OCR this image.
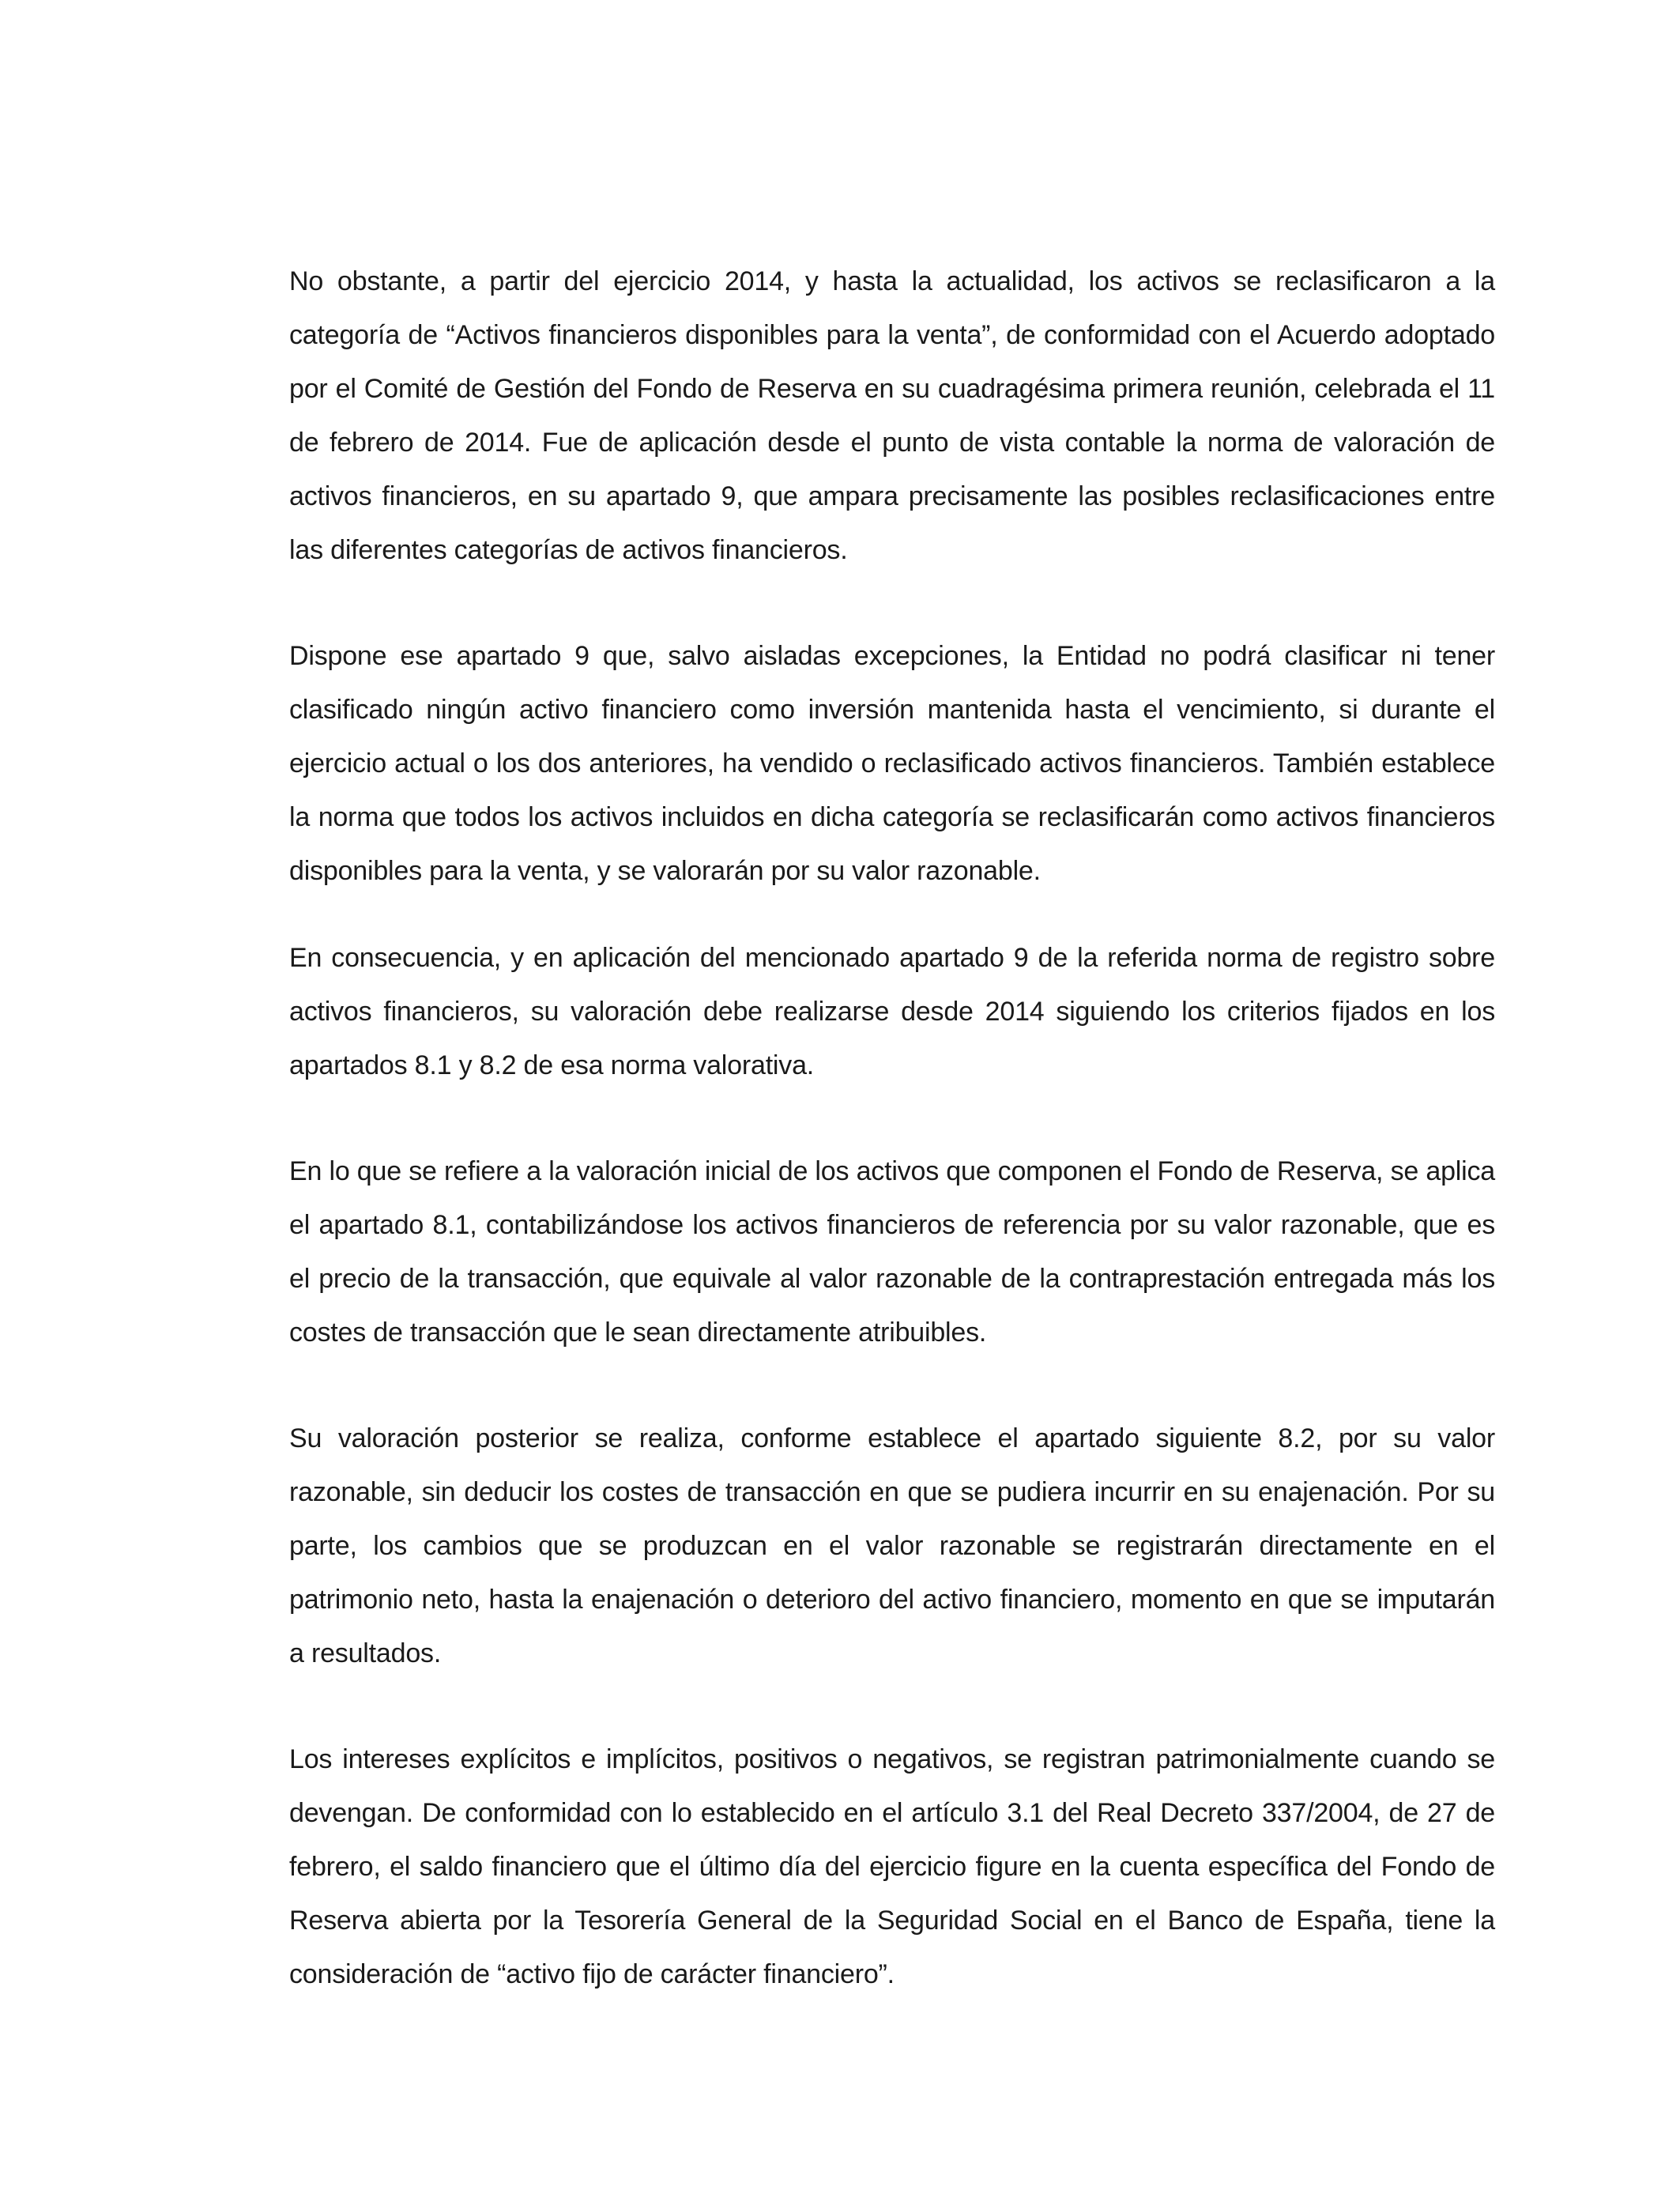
No obstante, a partir del ejercicio 2014, y hasta la actualidad, los activos se reclasificaron a la categoría de “Activos financieros disponibles para la venta”, de conformidad con el Acuerdo adoptado por el Comité de Gestión del Fondo de Reserva en su cuadragésima primera reunión, celebrada el 11 de febrero de 2014. Fue de aplicación desde el punto de vista contable la norma de valoración de activos financieros, en su apartado 9, que ampara precisamente las posibles reclasificaciones entre las diferentes categorías de activos financieros.

Dispone ese apartado 9 que, salvo aisladas excepciones, la Entidad no podrá clasificar ni tener clasificado ningún activo financiero como inversión mantenida hasta el vencimiento, si durante el ejercicio actual o los dos anteriores, ha vendido o reclasificado activos financieros. También establece la norma que todos los activos incluidos en dicha categoría se reclasificarán como activos financieros disponibles para la venta, y se valorarán por su valor razonable.

En consecuencia, y en aplicación del mencionado apartado 9 de la referida norma de registro sobre activos financieros, su valoración debe realizarse desde 2014 siguiendo los criterios fijados en los apartados 8.1 y 8.2 de esa norma valorativa.

En lo que se refiere a la valoración inicial de los activos que componen el Fondo de Reserva, se aplica el apartado 8.1, contabilizándose los activos financieros de referencia por su valor razonable, que es el precio de la transacción, que equivale al valor razonable de la contraprestación entregada más los costes de transacción que le sean directamente atribuibles.

Su valoración posterior se realiza, conforme establece el apartado siguiente 8.2, por su valor razonable, sin deducir los costes de transacción en que se pudiera incurrir en su enajenación. Por su parte, los cambios que se produzcan en el valor razonable se registrarán directamente en el patrimonio neto, hasta la enajenación o deterioro del activo financiero, momento en que se imputarán a resultados.

Los intereses explícitos e implícitos, positivos o negativos, se registran patrimonialmente cuando se devengan. De conformidad con lo establecido en el artículo 3.1 del Real Decreto 337/2004, de 27 de febrero, el saldo financiero que el último día del ejercicio figure en la cuenta específica del Fondo de Reserva abierta por la Tesorería General de la Seguridad Social en el Banco de España, tiene la consideración de “activo fijo de carácter financiero”.
